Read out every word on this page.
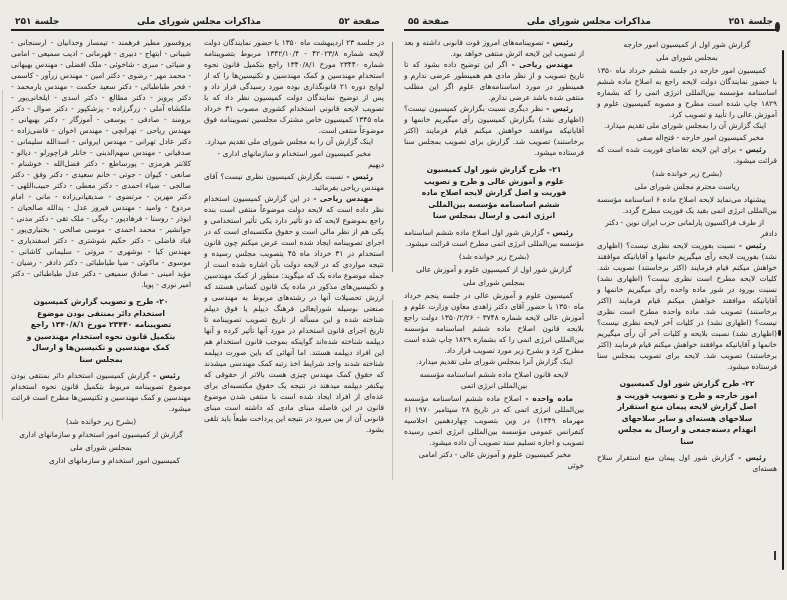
صفحة ۵۵	مذاکرات مجلس شورای ملی	جلسة ۲۵۱
گزارش شور اول از کمیسیون امور خارجه
بمجلس شورای ملی
کمیسیون امور خارجه در جلسه ششم خرداد ماه ۱۳۵۰ با حضور نمایندگان دولت لایحه راجع به اصلاح ماده ششم اساسنامه مؤسسه بین‌المللی انرژی اتمی را که بشماره ۱۸۲۹ چاپ شده است مطرح و مصوبه کمیسیون علوم و آموزش عالی را تأیید و تصویب کرد.
اینک گزارش آن را بمجلس شورای ملی تقدیم میدارد.
مخبر کمیسیون امور خارجه - فتح‌اله صفی
رئیس - برای این لایحه تقاضای فوریت شده است که قرائت میشود.
(بشرح زیر خوانده شد)
ریاست محترم مجلس شورای ملی
پیشنهاد می‌نماید لایحه اصلاح ماده ۶ اساسنامه مؤسسه بین‌المللی انرژی اتمی بقید یک فوریت مطرح گردد.
از طرف فراکسیون پارلمانی حزب ایران نوین - دکتر دادفر
رئیس - نسبت بفوریت لایحه نظری نیست؟ (اظهاری نشد) بفوریت لایحه رأی میگیریم خانمها و آقایانیکه موافقند خواهش میکنم قیام فرمایند (اکثر برخاستند) تصویب شد. کلیات لایحه مطرح است نظری نیست؟ (اظهاری نشد) نسبت بورود در شور ماده واحده رأی میگیریم خانمها و آقایانیکه موافقند خواهش میکنم قیام فرمایند (اکثر برخاستند) تصویب شد. ماده واحده مطرح است نظری نیست؟ (اظهاری نشد) در کلیات آخر لایحه نظری نیست؟ (اظهاری نشد) نسبت بلایحه و کلیات آخر آن رأی میگیریم خانمها و آقایانیکه موافقند خواهش میکنم قیام فرمایند (اکثر برخاستند) تصویب شد. لایحه برای تصویب بمجلس سنا فرستاده میشود.
۲۲- طرح گزارش شور اول کمیسیون امور خارجه و طرح و تصویب فوریت و اصل گزارش لایحه پیمان منع استقرار سلاحهای هسته‌ای و سایر سلاحهای انهدام دسته‌جمعی و ارسال به مجلس سنا
رئیس - گزارش شور اول پیمان منع استقرار سلاح هسته‌ای
رئیس - تصویبنامه‌های امروز قوت قانونی داشته و بعد از تصویب این لایحه اثرش منتفی خواهد بود.
مهندس ریاحی - اگر این توضیح داده بشود که تا تاریخ تصویب و از نظر مادی هم همینطور عرضی ندارم و همینطور در مورد اساسنامه‌های علوم اگر این مطلب منتفی شده باشد عرضی ندارم.
رئیس - نظر دیگری نسبت بگزارش کمیسیون نیست؟ (اظهاری نشد) بگزارش کمیسیون رأی میگیریم خانمها و آقایانیکه موافقند خواهش میکنم قیام فرمایند (اکثر برخاستند) تصویب شد. گزارش برای تصویب بمجلس سنا فرستاده میشود.
۲۱- طرح گزارش شور اول کمیسیون علوم و آموزش عالی و طرح و تصویب فوریت و اصل گزارش لایحه اصلاح ماده ششم اساسنامه مؤسسه بین‌المللی انرژی اتمی و ارسال بمجلس سنا
رئیس - گزارش شور اول اصلاح ماده ششم اساسنامه مؤسسه بین‌المللی انرژی اتمی مطرح است قرائت میشود.
(بشرح زیر خوانده شد)
گزارش شور اول از کمیسیون علوم و آموزش عالی
بمجلس شورای ملی
کمیسیون علوم و آموزش عالی در جلسه پنجم خرداد ماه ۱۳۵۰ با حضور آقای دکتر زاهدی معاون وزارت علوم و آموزش عالی لایحه شماره ۳۷۴۸ - ۱۳۵۰/۲/۲۶ دولت راجع بلایحه قانون اصلاح ماده ششم اساسنامه مؤسسه بین‌المللی انرژی اتمی را که بشماره ۱۸۲۹ چاپ شده است مطرح کرد و بشرح زیر مورد تصویب قرار داد.
اینک گزارش آنرا بمجلس شورای ملی تقدیم میدارد.
لایحه قانون اصلاح ماده ششم اساسنامه مؤسسه بین‌المللی انرژی اتمی
ماده واحده - اصلاح ماده ششم اساسنامه مؤسسه بین‌المللی انرژی اتمی که در تاریخ ۲۸ سپتامبر ۱۹۷۰ (۶ مهرماه ۱۳۴۹) در وین بتصویب چهاردهمین اجلاسیه کنفرانس عمومی مؤسسه بین‌المللی انرژی اتمی رسیده تصویب و اجازه تسلیم سند تصویب آن داده میشود.
مخبر کمیسیون علوم و آموزش عالی - دکتر امامی خوئی
جلسة ۲۵۱	مذاکرات مجلس شورای ملی	صفحة ۵۲
در جلسه ۲۳ اردیبهشت ماه ۱۳۵۰ با حضور نمایندگان دولت لایحه شماره ۴۲۰۲۳/۸ - ۱۳۴۲/۱۰/۴ مربوط بتصویبنامه شماره ۲۳۴۴۰ مورخ ۱۳۴۰/۸/۱ راجع بتکمیل قانون نحوه استخدام مهندسین و کمک مهندسین و تکنیسین‌ها را که از لوایح دوره ۲۱ قانونگذاری بوده مورد رسیدگی قرار داد و پس از توضیح نمایندگان دولت کمیسیون نظر داد که با تصویب لایحه قانونی استخدام کشوری مصوب ۳۱ خرداد ماه ۱۳۴۵ کمیسیون خاص مشترک مجلسین تصویبنامه فوق موضوعاً منتفی است.
اینک گزارش آن را به مجلس شورای ملی تقدیم میدارد.
مخبر کمیسیون امور استخدام و سازمانهای اداری - دیهیم
رئیس - نسبت بگزارش کمیسیون نظری نیست؟ آقای مهندس ریاحی بفرمائید.
مهندس ریاحی - در این گزارش کمیسیون استخدام نظر داده است که لایحه دولت موضوعاً منتفی است بنده راجع بموضوع لایحه که دو تأثیر دارد یکی تأثیر استخدامی و یکی هم از نظر مالی است و حقوق مکتسبه‌ای است که در اجرای تصویبنامه ایجاد شده است عرض میکنم چون قانون استخدام در ۳۱ خرداد ماه ۴۵ بتصویب مجلس رسیده و نتیجه مواردی که در لایحه دولت بآن اشاره شده است از جمله موضوع ماده یک که میگوید: منظور از کمک مهندسین و تکنیسین‌های مذکور در ماده یک قانون کسانی هستند که ارزش تحصیلات آنها در رشته‌های مربوط به مهندسی و صنعتی بوسیله شورایعالی فرهنگ دیپلم یا فوق دیپلم شناخته شده و این مسأله از تاریخ تصویب تصویبنامه تا تاریخ اجرای قانون استخدام در مورد آنها تأثیر کرده و آنها دیپلمه شناخته شده‌اند گواینکه بموجب قانون استخدام هم این افراد دیپلمه هستند. اما آنهائی که باین صورت دیپلمه شناخته شدند واجد شرایط اخذ رتبه کمک مهندسی میشدند که حقوق کمک مهندس چیزی هست بالاتر از حقوقی که بیکنفر دیپلمه میدهند در نتیجه یک حقوق مکتسبه‌ای برای عده‌ای از افراد ایجاد شده است با منتفی شدن موضوع قانون در این فاصله مبنای مادی که داشته است مبنای قانونی آن از بین میرود در نتیجه این پرداخت طبعاً باید تلقی بشود.
پروفسور مطیر فرهمند - تیمسار وحدانیان - ارسنجانی - شیبانی - ابتهاج - دبیری - قهرمانی - ادیب سمیعی - امامی و ضیائی - مبری - شاخوئی - ملک افضلی - مهندس بهبهانی - محمد مهر - رضوی - دکتر امین - مهندس زرآور - کاسمی - فخر طباطبائی - دکتر سعید حکمت - مهندس یارمحمد - دکتر پرویز - دکتر مطالع - دکتر اسدی - ایلخانی‌پور - ملکشاه آملی - زرگرزاده - پزشکپور - دکتر صوال - دکتر برومند - صادقی - یوسفی - آموزگار - دکتر بهبهانی - مهندس ریاحی - تهرانچی - مهندس اخوان - قاضی‌زاده - دکتر عادل تهرانی - مهندس ایروانی - اسدالله سلیمانی - صدقیانی - مهندس سهم‌الدینی - خانلر قراچورلو - دیالو - کلانتر هرمزی - پورساطع - دکتر فضل‌الله - خوشنام - صانعی - کیوان - جوتی - خانم سعیدی - دکتر وفق - دکتر صالحی - ضیاء احمدی - دکتر معطی - دکتر حبیب‌اللهی - دکتر مهرین - مرتضوی - صدیقیانی‌زاده - مانی - امام مردوخ - وامید - مهندس فیروز عدل - یدالله صالحیان - ابوذر - روستا - فرهادپور - ریگی - ملک تقی - دکتر مدنی - جوانشیر - محمد احمدی - موسی صالحی - بختیاری‌پور - قباد فاضلی - دکتر حکیم شوشتری - دکتر اسفندیاری - مهندس کیا - بوشهری - مروتی - سلیمانی کاشانی - موسوی - ماکوئی - ضیا طباطبائی - دکتر دادفر - رضیان - مؤید امینی - صادق سمیعی - دکتر عدل طباطبائی - دکتر امیر نوری - پویا.
۲۰- طرح و تصویب گزارش کمیسیون استخدام دائر بمنتفی بودن موضوع تصویبنامه ۲۳۴۴۰ مورخ ۱۳۴۰/۸/۱ راجع بتکمیل قانون نحوه استخدام مهندسین و کمک مهندسین و تکنیسین‌ها و ارسال بمجلس سنا
رئیس - گزارش کمیسیون استخدام دائر بمنتفی بودن موضوع تصویبنامه مربوط بتکمیل قانون نحوه استخدام مهندسین و کمک مهندسین و تکنیسین‌ها مطرح است قرائت میشود.
(بشرح زیر خوانده شد)
گزارش از کمیسیون امور استخدام و سازمانهای اداری
بمجلس شورای ملی
کمیسیون امور استخدام و سازمانهای اداری
